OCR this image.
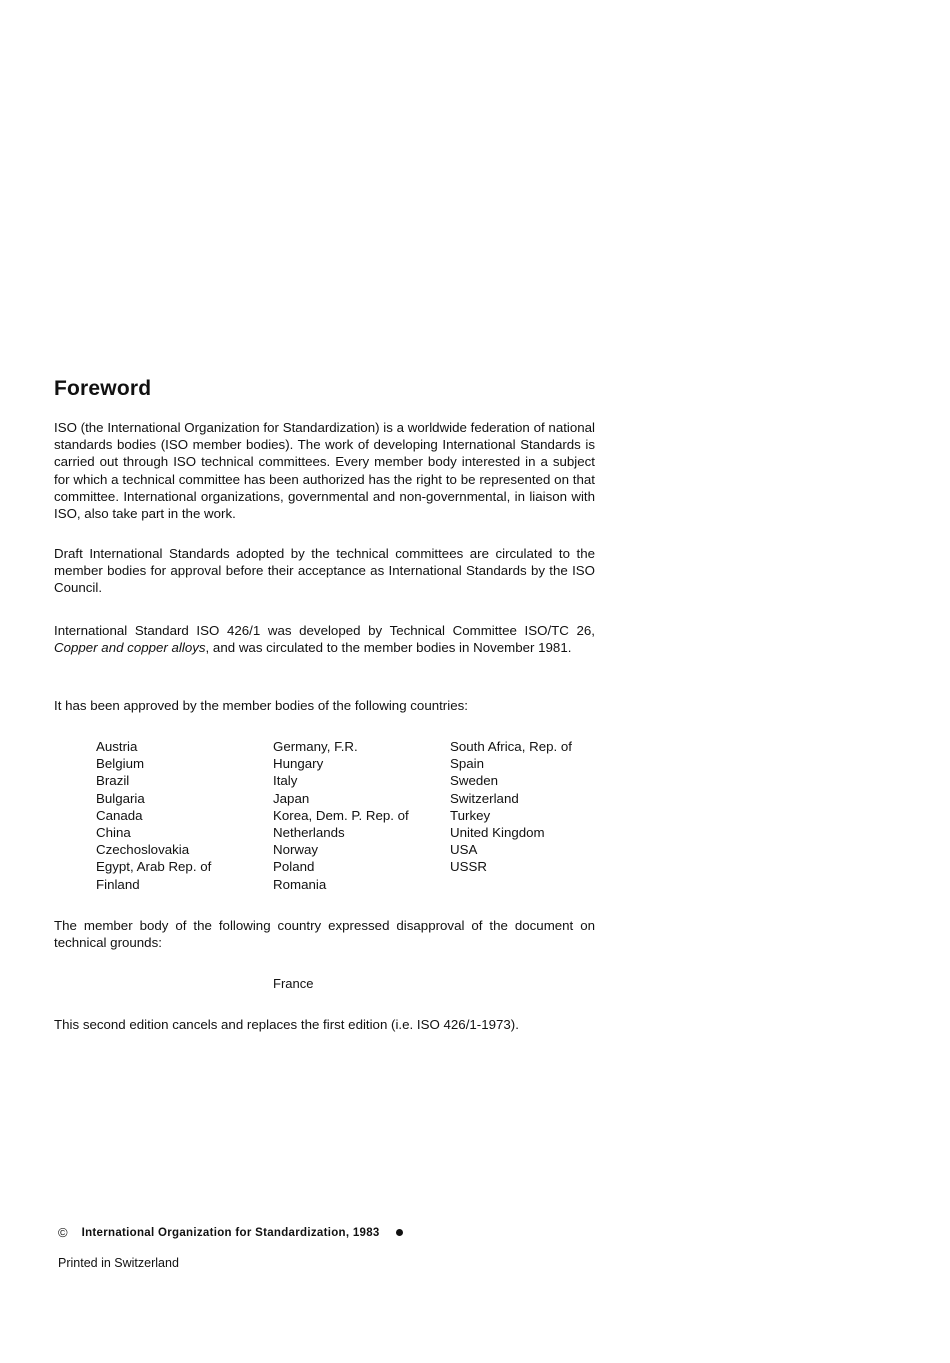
Foreword

ISO (the International Organization for Standardization) is a worldwide federation of national standards bodies (ISO member bodies). The work of developing International Standards is carried out through ISO technical committees. Every member body interested in a subject for which a technical committee has been authorized has the right to be represented on that committee. International organizations, governmental and non-governmental, in liaison with ISO, also take part in the work.

Draft International Standards adopted by the technical committees are circulated to the member bodies for approval before their acceptance as International Standards by the ISO Council.

International Standard ISO 426/1 was developed by Technical Committee ISO/TC 26, Copper and copper alloys, and was circulated to the member bodies in November 1981.

It has been approved by the member bodies of the following countries:

Austria
Belgium
Brazil
Bulgaria
Canada
China
Czechoslovakia
Egypt, Arab Rep. of
Finland
Germany, F.R.
Hungary
Italy
Japan
Korea, Dem. P. Rep. of
Netherlands
Norway
Poland
Romania
South Africa, Rep. of
Spain
Sweden
Switzerland
Turkey
United Kingdom
USA
USSR

The member body of the following country expressed disapproval of the document on technical grounds:

France

This second edition cancels and replaces the first edition (i.e. ISO 426/1-1973).

© International Organization for Standardization, 1983
Printed in Switzerland
